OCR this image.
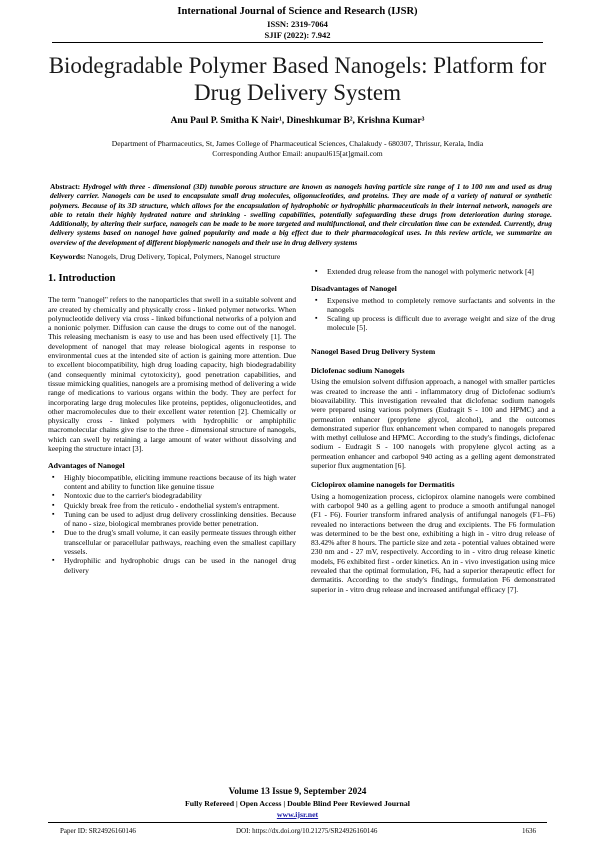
International Journal of Science and Research (IJSR)
ISSN: 2319-7064
SJIF (2022): 7.942
Biodegradable Polymer Based Nanogels: Platform for Drug Delivery System
Anu Paul P. Smitha K Nair¹, Dineshkumar B², Krishna Kumar³
Department of Pharmaceutics, St, James College of Pharmaceutical Sciences, Chalakudy - 680307, Thrissur, Kerala, India
Corresponding Author Email: anupaul615[at]gmail.com
Abstract: Hydrogel with three - dimensional (3D) tunable porous structure are known as nanogels having particle size range of 1 to 100 nm and used as drug delivery carrier. Nanogels can be used to encapsulate small drug molecules, oligonucleotides, and proteins. They are made of a variety of natural or synthetic polymers. Because of its 3D structure, which allows for the encapsulation of hydrophobic or hydrophilic pharmaceuticals in their internal network, nanogels are able to retain their highly hydrated nature and shrinking - swelling capabilities, potentially safeguarding these drugs from deterioration during storage. Additionally, by altering their surface, nanogels can be made to be more targeted and multifunctional, and their circulation time can be extended. Currently, drug delivery systems based on nanogel have gained popularity and made a big effect due to their pharmacological uses. In this review article, we summarize an overview of the development of different bioplymeric nanogels and their use in drug delivery systems
Keywords: Nanogels, Drug Delivery, Topical, Polymers, Nanogel structure
1. Introduction

The term "nanogel" refers to the nanoparticles that swell in a suitable solvent and are created by chemically and physically cross - linked polymer networks. When polynucleotide delivery via cross - linked bifunctional networks of a polyion and a nonionic polymer. Diffusion can cause the drugs to come out of the nanogel. This releasing mechanism is easy to use and has been used effectively [1]. The development of nanogel that may release biological agents in response to environmental cues at the intended site of action is gaining more attention. Due to excellent biocompatibility, high drug loading capacity, high biodegradability (and consequently minimal cytotoxicity), good penetration capabilities, and tissue mimicking qualities, nanogels are a promising method of delivering a wide range of medications to various organs within the body. They are perfect for incorporating large drug molecules like proteins, peptides, oligonucleotides, and other macromolecules due to their excellent water retention [2]. Chemically or physically cross - linked polymers with hydrophilic or amphiphilic macromolecular chains give rise to the three - dimensional structure of nanogels, which can swell by retaining a large amount of water without dissolving and keeping the structure intact [3].

Advantages of Nanogel
▪ Highly biocompatible, eliciting immune reactions because of its high water content and ability to function like genuine tissue
▪ Nontoxic due to the carrier's biodegradability
▪ Quickly break free from the reticulo - endothelial system's entrapment.
▪ Tuning can be used to adjust drug delivery crosslinking densities. Because of nano - size, biological membranes provide better penetration.
▪ Due to the drug's small volume, it can easily permeate tissues through either transcellular or paracellular pathways, reaching even the smallest capillary vessels.
▪ Hydrophilic and hydrophobic drugs can be used in the nanogel drug delivery
▪ Extended drug release from the nanogel with polymeric network [4]
Disadvantages of Nanogel
▪ Expensive method to completely remove surfactants and solvents in the nanogels
▪ Scaling up process is difficult due to average weight and size of the drug molecule [5].
Nanogel Based Drug Delivery System
Diclofenac sodium Nanogels

Using the emulsion solvent diffusion approach, a nanogel with smaller particles was created to increase the anti - inflammatory drug of Diclofenac sodium's bioavailability. This investigation revealed that diclofenac sodium nanogels were prepared using various polymers (Eudragit S - 100 and HPMC) and a permeation enhancer (propylene glycol, alcohol), and the outcomes demonstrated superior flux enhancement when compared to nanogels prepared with methyl cellulose and HPMC. According to the study's findings, diclofenac sodium - Eudragit S - 100 nanogels with propylene glycol acting as a permeation enhancer and carbopol 940 acting as a gelling agent demonstrated superior flux augmentation [6].

Ciclopirox olamine nanogels for Dermatitis

Using a homogenization process, ciclopirox olamine nanogels were combined with carbopol 940 as a gelling agent to produce a smooth antifungal nanogel (F1 - F6). Fourier transform infrared analysis of antifungal nanogels (F1–F6) revealed no interactions between the drug and excipients. The F6 formulation was determined to be the best one, exhibiting a high in - vitro drug release of 83.42% after 8 hours. The particle size and zeta - potential values obtained were 230 nm and - 27 mV, respectively. According to in - vitro drug release kinetic models, F6 exhibited first - order kinetics. An in - vivo investigation using mice revealed that the optimal formulation, F6, had a superior therapeutic effect for dermatitis. According to the study's findings, formulation F6 demonstrated superior in - vitro drug release and increased antifungal efficacy [7].

Volume 13 Issue 9, September 2024
Fully Refereed | Open Access | Double Blind Peer Reviewed Journal
www.ijsr.net
Paper ID: SR24926160146	DOI: https://dx.doi.org/10.21275/SR24926160146	1636
